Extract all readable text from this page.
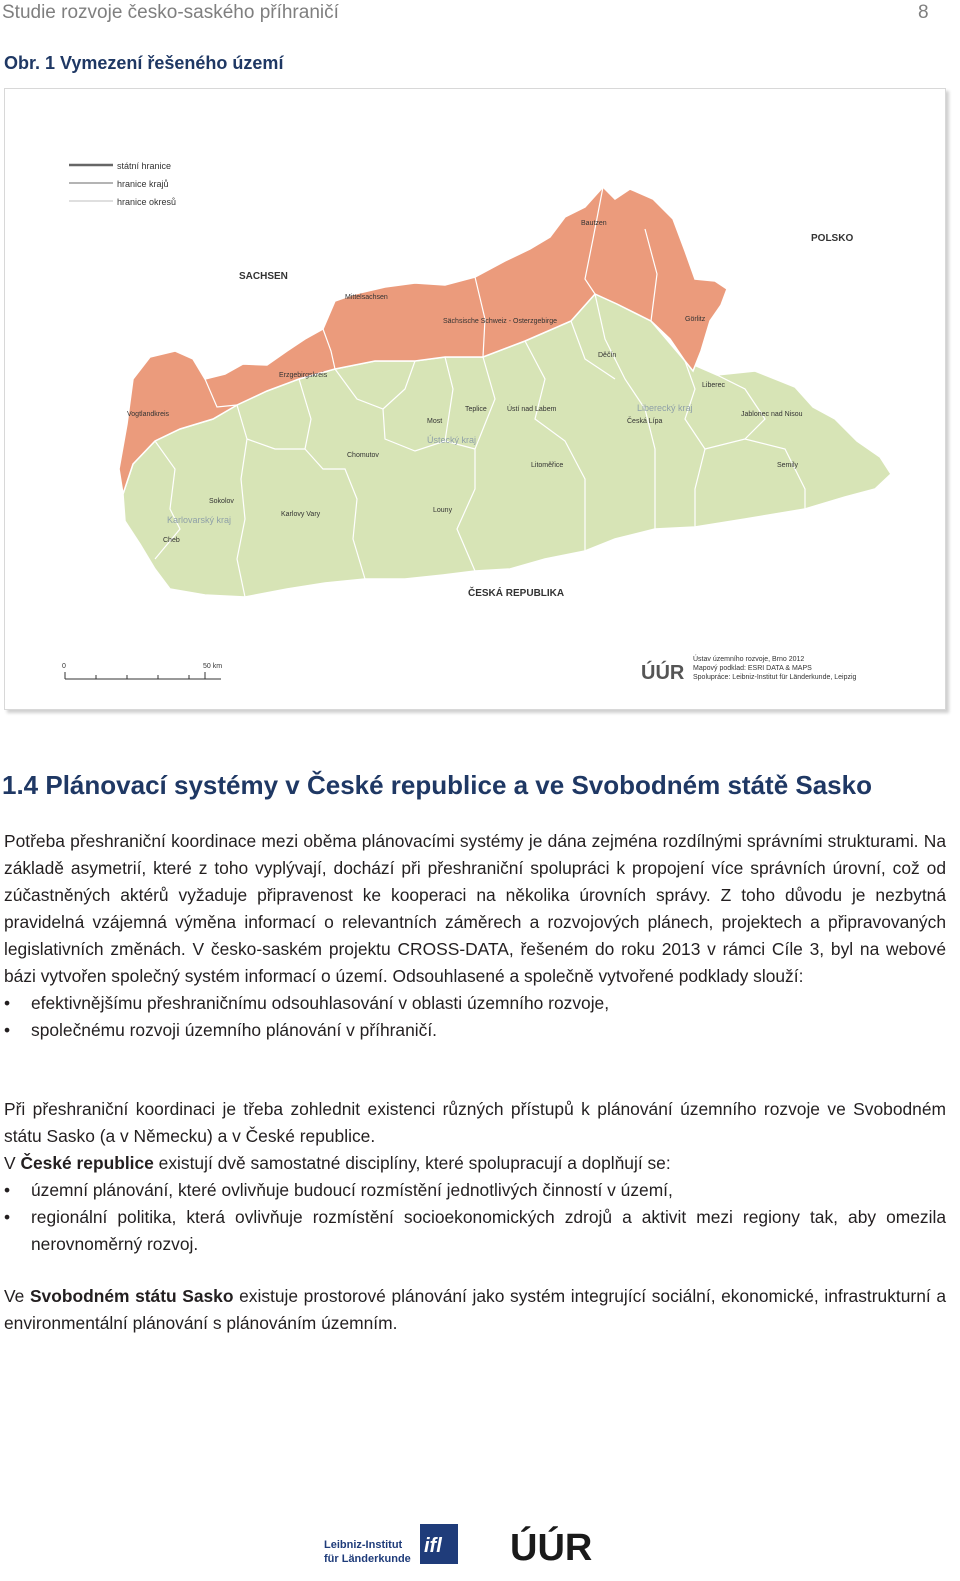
Studie rozvoje česko-saského příhraničí	8
Obr. 1 Vymezení řešeného území
státní hranice
hranice krajů
hranice okresů
SACHSEN
POLSKO
ČESKÁ REPUBLIKA
Bautzen
Görlitz
Mittelsachsen
Sächsische Schweiz - Osterzgebirge
Erzgebirgskreis
Vogtlandkreis
Děčín
Liberec
Liberecký kraj
Česká Lípa
Jablonec nad Nisou
Semily
Teplice	Ústí nad Labem
Most
Ústecký kraj
Litoměřice
Chomutov
Louny
Sokolov
Karlovarský kraj
Karlovy Vary
Cheb
0	50 km	ÚÚR
Ústav územního rozvoje, Brno 2012
Mapový podklad: ESRI DATA & MAPS
Spolupráce: Leibniz-Institut für Länderkunde, Leipzig
1.4 Plánovací systémy v České republice a ve Svobodném státě Sasko

Potřeba přeshraniční koordinace mezi oběma plánovacími systémy je dána zejména rozdílnými správními strukturami. Na základě asymetrií, které z toho vyplývají, dochází při přeshraniční spolupráci k propojení více správních úrovní, což od zúčastněných aktérů vyžaduje připravenost ke kooperaci na několika úrovních správy. Z toho důvodu je nezbytná pravidelná vzájemná výměna informací o relevantních záměrech a rozvojových plánech, projektech a připravovaných legislativních změnách. V česko-saském projektu CROSS-DATA, řešeném do roku 2013 v rámci Cíle 3, byl na webové bázi vytvořen společný systém informací o území. Odsouhlasené a společně vytvořené podklady slouží:

• efektivnějšímu přeshraničnímu odsouhlasování v oblasti územního rozvoje,
• společnému rozvoji územního plánování v příhraničí.

Při přeshraniční koordinaci je třeba zohlednit existenci různých přístupů k plánování územního rozvoje ve Svobodném státu Sasko (a v Německu) a v České republice.

V České republice existují dvě samostatné disciplíny, které spolupracují a doplňují se:

• územní plánování, které ovlivňuje budoucí rozmístění jednotlivých činností v území,
• regionální politika, která ovlivňuje rozmístění socioekonomických zdrojů a aktivit mezi regiony tak, aby omezila nerovnoměrný rozvoj.

Ve Svobodném státu Sasko existuje prostorové plánování jako systém integrující sociální, ekonomické, infrastrukturní a environmentální plánování s plánováním územním.

Leibniz-Institut
für Länderkunde
ifl ÚÚR
